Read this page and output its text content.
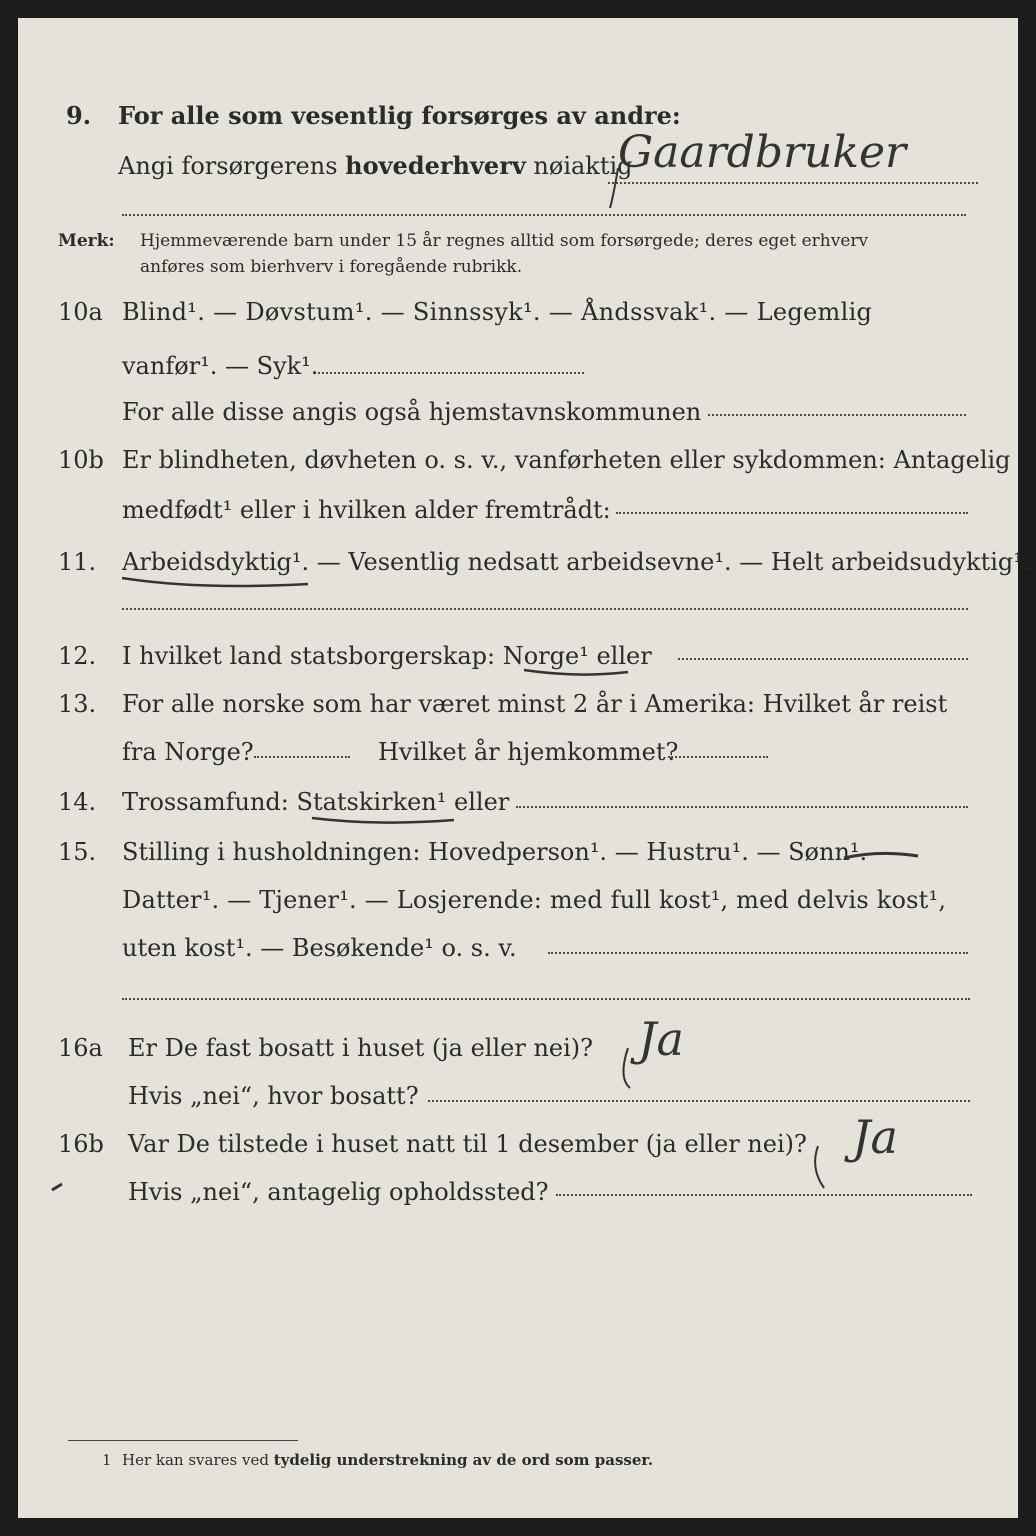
9. For alle som vesentlig forsørges av andre:
Angi forsørgerens hovederhverv nøiaktig
Gaardbruker
Merk: Hjemmeværende barn under 15 år regnes alltid som forsørgede; deres eget erhverv
anføres som bierhverv i foregående rubrikk.
10a Blind¹. — Døvstum¹. — Sinnssyk¹. — Åndssvak¹. — Legemlig
vanfør¹. — Syk¹.
For alle disse angis også hjemstavnskommunen
10b Er blindheten, døvheten o. s. v., vanførheten eller sykdommen: Antagelig
medfødt¹ eller i hvilken alder fremtrådt:
11. Arbeidsdyktig¹. — Vesentlig nedsatt arbeidsevne¹. — Helt arbeidsudyktig¹.
12. I hvilket land statsborgerskap: Norge¹ eller
13. For alle norske som har været minst 2 år i Amerika: Hvilket år reist
fra Norge?	Hvilket år hjemkommet?
14. Trossamfund: Statskirken¹ eller
15. Stilling i husholdningen: Hovedperson¹. — Hustru¹. — Sønn¹. —
Datter¹. — Tjener¹. — Losjerende: med full kost¹, med delvis kost¹,
uten kost¹. — Besøkende¹ o. s. v.
16a Er De fast bosatt i huset (ja eller nei)? Ja
Hvis „nei“, hvor bosatt?
16b Var De tilstede i huset natt til 1 desember (ja eller nei)? Ja
Hvis „nei“, antagelig opholdssted?
1 Her kan svares ved tydelig understrekning av de ord som passer.
